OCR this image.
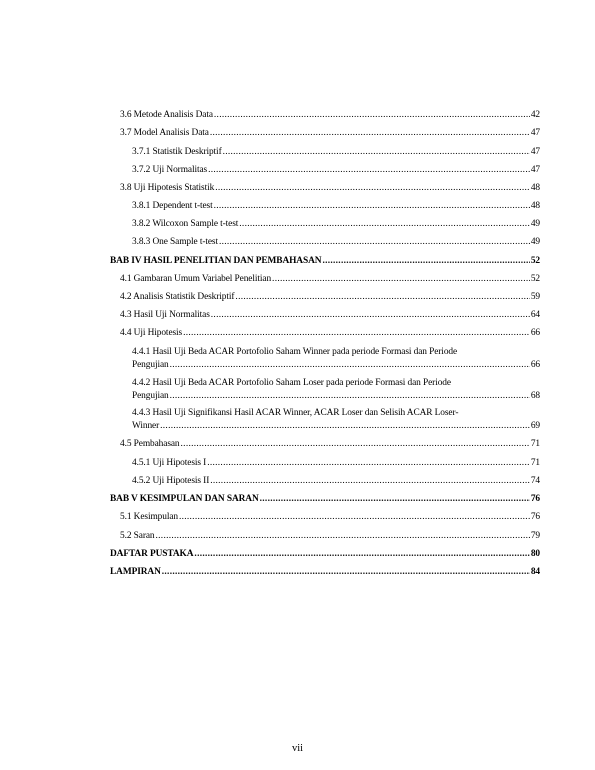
3.6 Metode Analisis Data .....	42
3.7 Model Analisis Data .....	47
3.7.1 Statistik Deskriptif .....	47
3.7.2 Uji Normalitas .....	47
3.8 Uji Hipotesis Statistik .....	48
3.8.1 Dependent t-test .....	48
3.8.2 Wilcoxon Sample t-test .....	49
3.8.3 One Sample t-test .....	49
BAB IV HASIL PENELITIAN DAN PEMBAHASAN .....	52
4.1 Gambaran Umum Variabel Penelitian .....	52
4.2 Analisis Statistik Deskriptif .....	59
4.3 Hasil Uji Normalitas .....	64
4.4 Uji Hipotesis .....	66
4.4.1 Hasil Uji Beda ACAR Portofolio Saham Winner pada periode Formasi dan Periode
Pengujian .....	66
4.4.2 Hasil Uji Beda ACAR Portofolio Saham Loser pada periode Formasi dan Periode
Pengujian .....	68
4.4.3 Hasil Uji Signifikansi Hasil ACAR Winner, ACAR Loser dan Selisih ACAR Loser-
Winner .....	69
4.5 Pembahasan .....	71
4.5.1 Uji Hipotesis I .....	71
4.5.2 Uji Hipotesis II .....	74
BAB V KESIMPULAN DAN SARAN .....	76
5.1 Kesimpulan .....	76
5.2 Saran .....	79
DAFTAR PUSTAKA .....	80
LAMPIRAN .....	84
vii
